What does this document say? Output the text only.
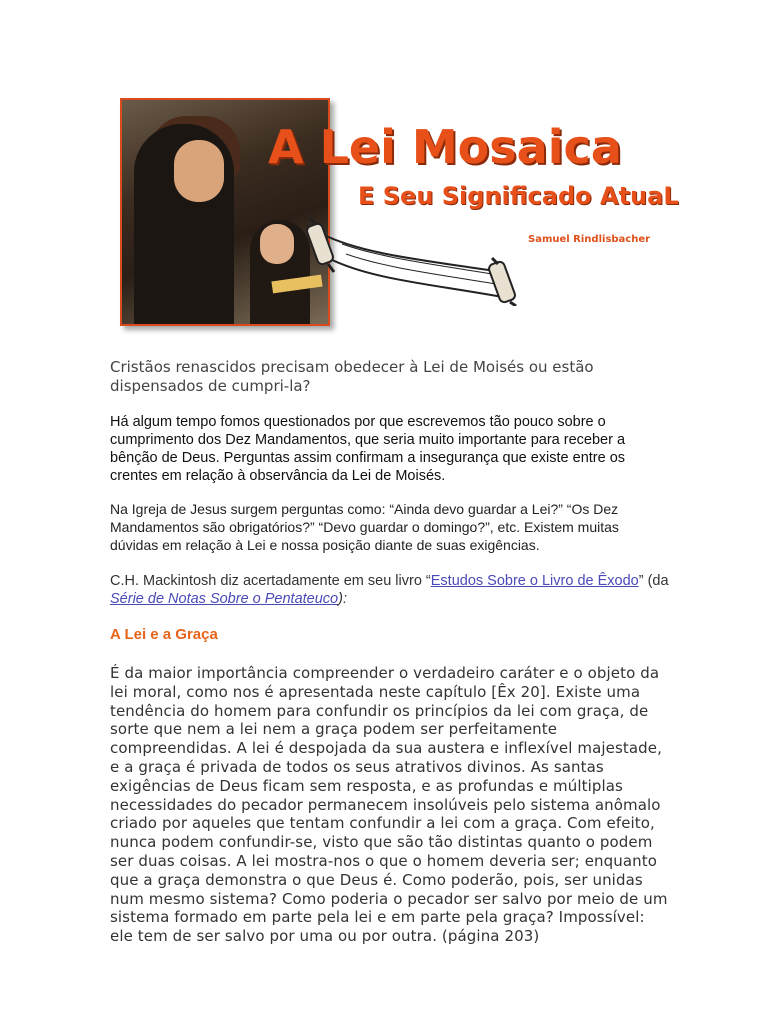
A Lei Mosaica
E Seu Significado AtuaL
Samuel Rindlisbacher

Cristãos renascidos precisam obedecer à Lei de Moisés ou estão dispensados de cumpri-la?

Há algum tempo fomos questionados por que escrevemos tão pouco sobre o cumprimento dos Dez Mandamentos, que seria muito importante para receber a bênção de Deus. Perguntas assim confirmam a insegurança que existe entre os crentes em relação à observância da Lei de Moisés.

Na Igreja de Jesus surgem perguntas como: “Ainda devo guardar a Lei?” “Os Dez Mandamentos são obrigatórios?” “Devo guardar o domingo?”, etc. Existem muitas dúvidas em relação à Lei e nossa posição diante de suas exigências.

C.H. Mackintosh diz acertadamente em seu livro “Estudos Sobre o Livro de Êxodo” (da Série de Notas Sobre o Pentateuco):

A Lei e a Graça

É da maior importância compreender o verdadeiro caráter e o objeto da lei moral, como nos é apresentada neste capítulo [Êx 20]. Existe uma tendência do homem para confundir os princípios da lei com graça, de sorte que nem a lei nem a graça podem ser perfeitamente compreendidas. A lei é despojada da sua austera e inflexível majestade, e a graça é privada de todos os seus atrativos divinos. As santas exigências de Deus ficam sem resposta, e as profundas e múltiplas necessidades do pecador permanecem insolúveis pelo sistema anômalo criado por aqueles que tentam confundir a lei com a graça. Com efeito, nunca podem confundir-se, visto que são tão distintas quanto o podem ser duas coisas. A lei mostra-nos o que o homem deveria ser; enquanto que a graça demonstra o que Deus é. Como poderão, pois, ser unidas num mesmo sistema? Como poderia o pecador ser salvo por meio de um sistema formado em parte pela lei e em parte pela graça? Impossível: ele tem de ser salvo por uma ou por outra. (página 203)
